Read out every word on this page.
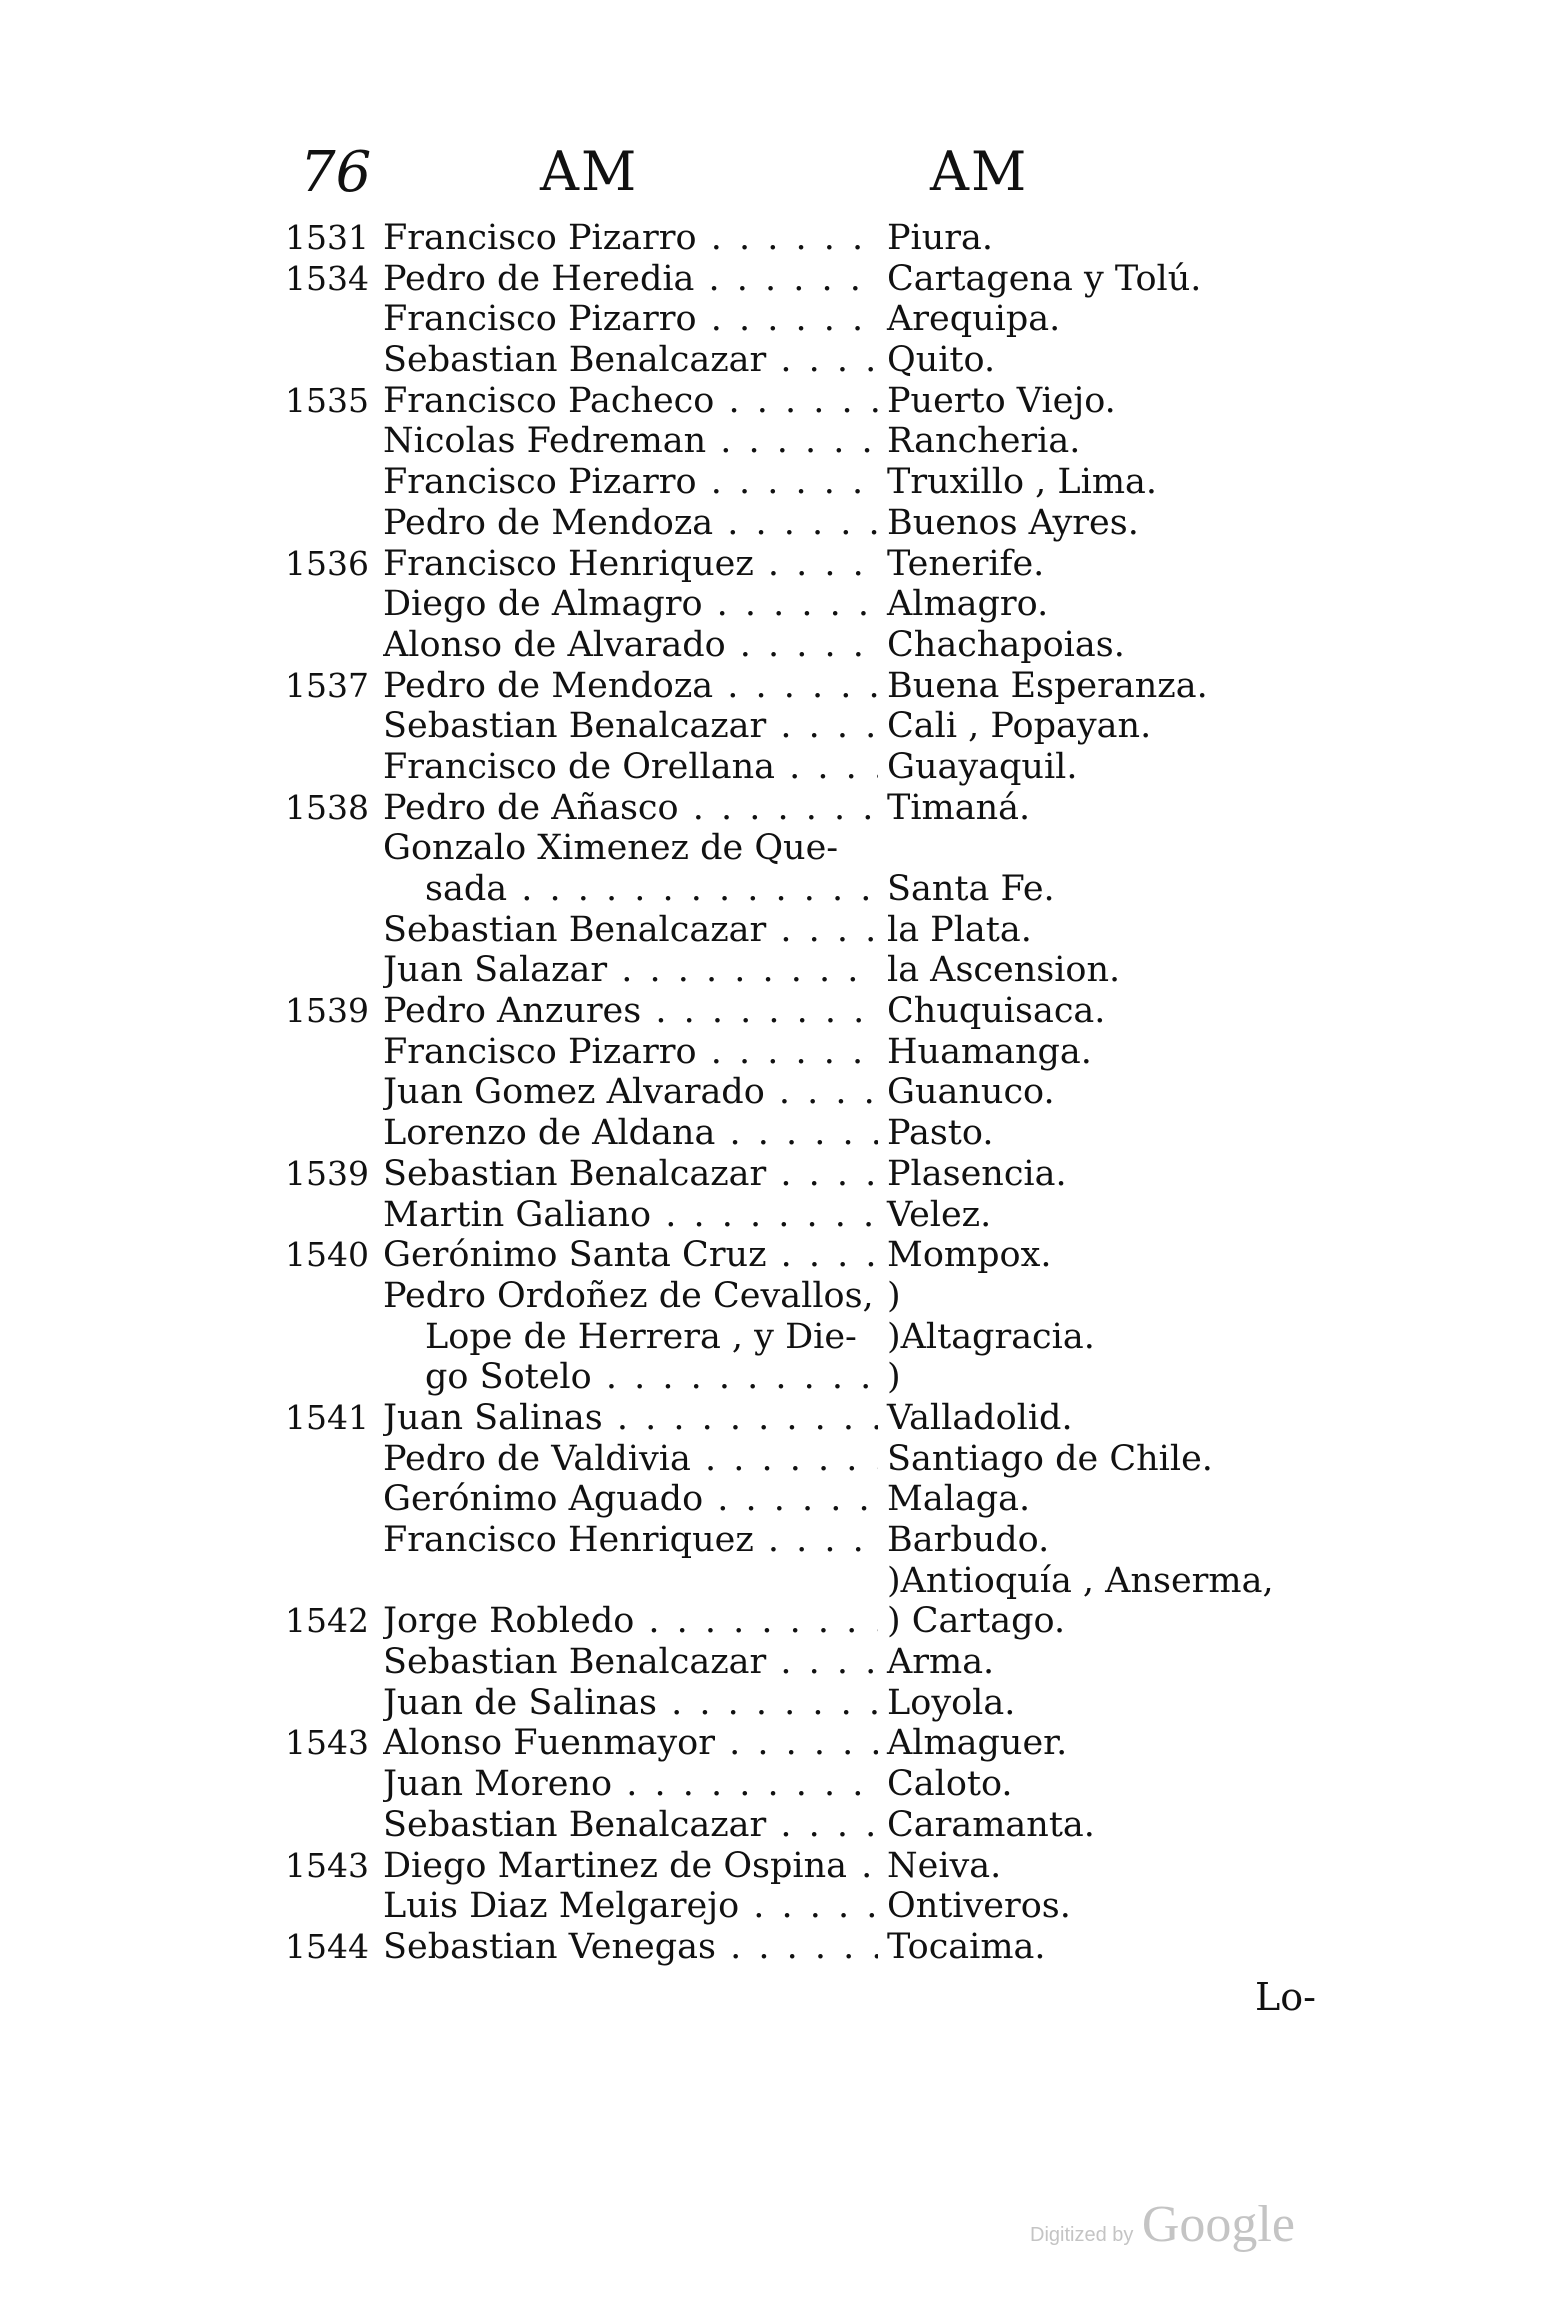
76	AM	AM
1531 Francisco Pizarro . . .	Piura.
1534 Pedro de Heredia . . .	Cartagena y Tolú.
Francisco Pizarro . . .	Arequipa.
Sebastian Benalcazar . . .	Quito.
1535 Francisco Pacheco . . .	Puerto Viejo.
Nicolas Fedreman . . .	Rancheria.
Francisco Pizarro . . .	Truxillo , Lima.
Pedro de Mendoza . . .	Buenos Ayres.
1536 Francisco Henriquez . . .	Tenerife.
Diego de Almagro . . .	Almagro.
Alonso de Alvarado . . .	Chachapoias.
1537 Pedro de Mendoza . . .	Buena Esperanza.
Sebastian Benalcazar . . .	Cali , Popayan.
Francisco de Orellana . . .	Guayaquil.
1538 Pedro de Añasco . . .	Timaná.
Gonzalo Ximenez de Que-
sada . . .	Santa Fe.
Sebastian Benalcazar . . .	la Plata.
Juan Salazar . . .	la Ascension.
1539 Pedro Anzures . . .	Chuquisaca.
Francisco Pizarro . . .	Huamanga.
Juan Gomez Alvarado . . .	Guanuco.
Lorenzo de Aldana . . .	Pasto.
1539 Sebastian Benalcazar . . .	Plasencia.
Martin Galiano . . .	Velez.
1540 Gerónimo Santa Cruz . . .	Mompox.
Pedro Ordoñez de Cevallos, )
Lope de Herrera , y Die- )Altagracia.
go Sotelo . . .	)
1541 Juan Salinas . . .	Valladolid.
Pedro de Valdivia . . .	Santiago de Chile.
Gerónimo Aguado . . .	Malaga.
Francisco Henriquez . . .	Barbudo.
)Antioquía , Anserma,
1542 Jorge Robledo . . .	) Cartago.
Sebastian Benalcazar . . .	Arma.
Juan de Salinas . . .	Loyola.
1543 Alonso Fuenmayor . . .	Almaguer.
Juan Moreno . . .	Caloto.
Sebastian Benalcazar . . .	Caramanta.
1543 Diego Martinez de Ospina . . .	Neiva.
Luis Diaz Melgarejo . . .	Ontiveros.
1544 Sebastian Venegas . . .	Tocaima.
Lo-
Digitized by Google
